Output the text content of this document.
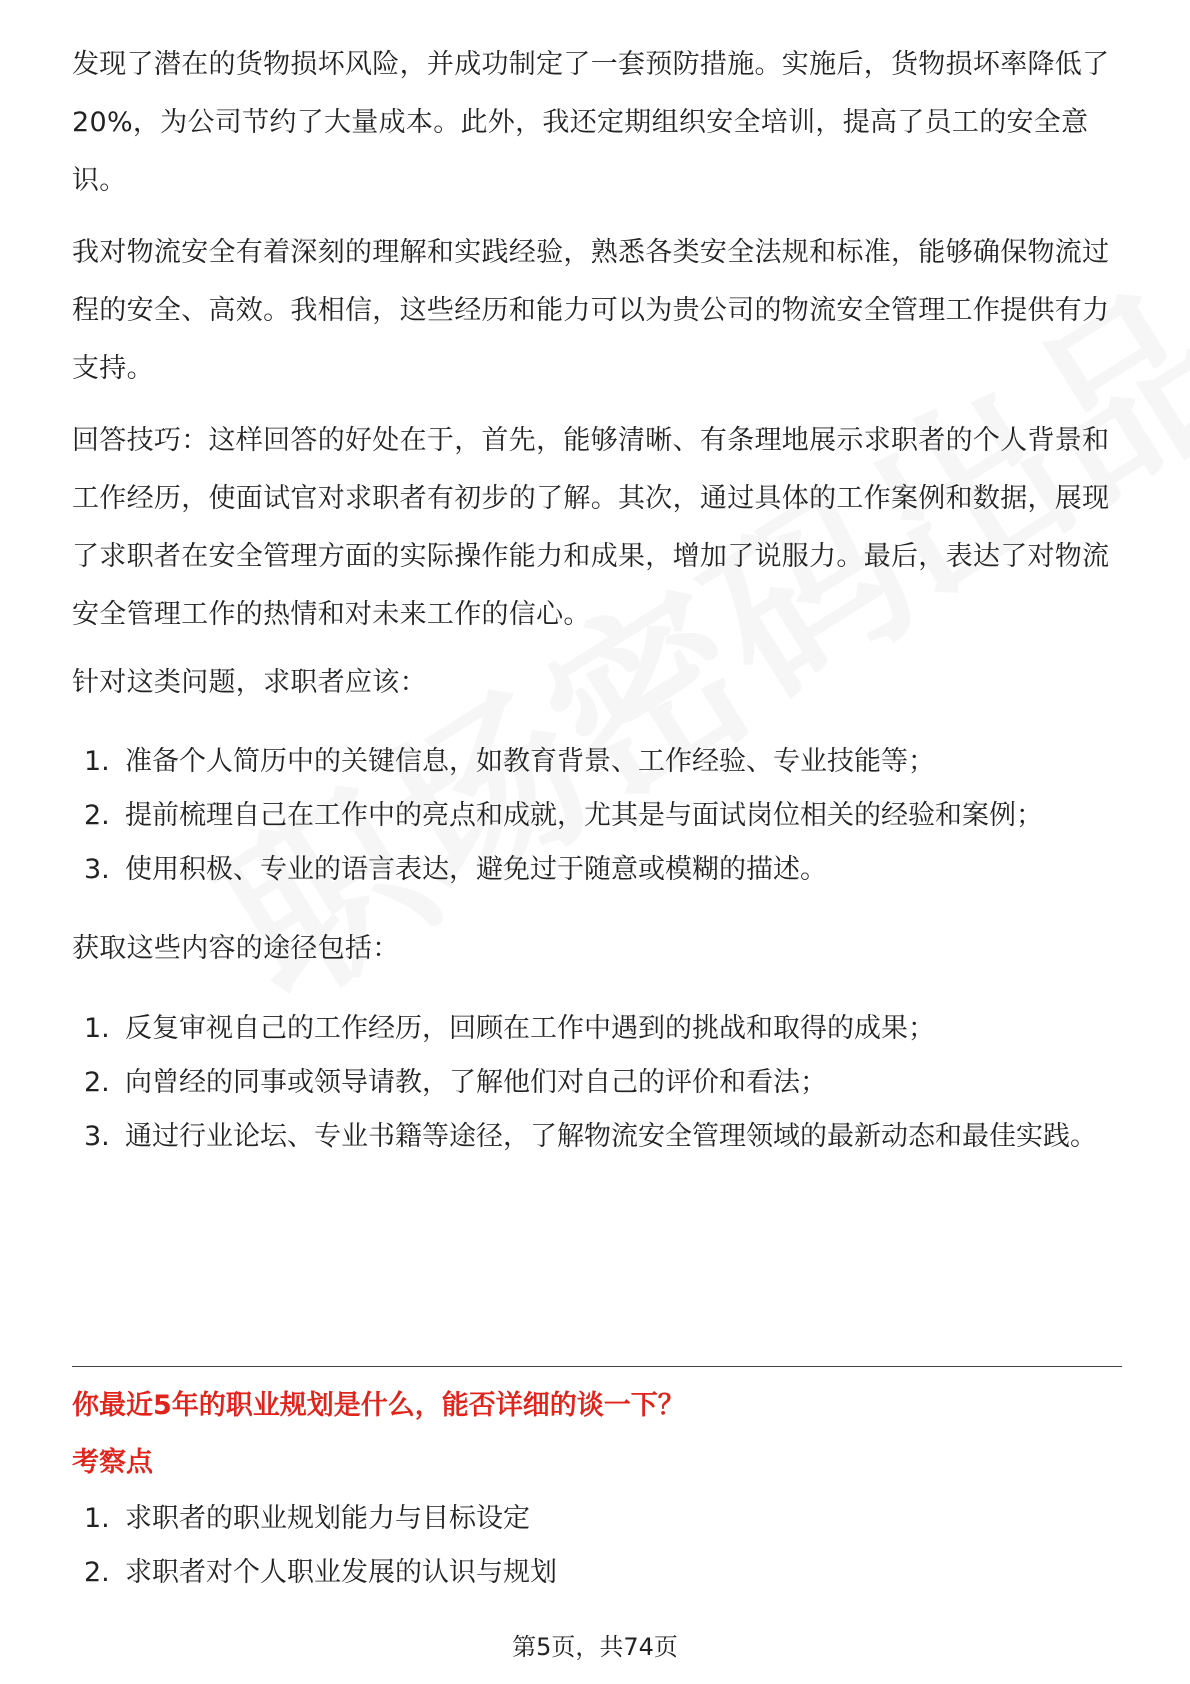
发现了潜在的货物损坏风险，并成功制定了一套预防措施。实施后，货物损坏率降低了20%，为公司节约了大量成本。此外，我还定期组织安全培训，提高了员工的安全意识。

我对物流安全有着深刻的理解和实践经验，熟悉各类安全法规和标准，能够确保物流过程的安全、高效。我相信，这些经历和能力可以为贵公司的物流安全管理工作提供有力支持。

回答技巧：这样回答的好处在于，首先，能够清晰、有条理地展示求职者的个人背景和工作经历，使面试官对求职者有初步的了解。其次，通过具体的工作案例和数据，展现了求职者在安全管理方面的实际操作能力和成果，增加了说服力。最后，表达了对物流安全管理工作的热情和对未来工作的信心。

针对这类问题，求职者应该：

1. 准备个人简历中的关键信息，如教育背景、工作经验、专业技能等；
2. 提前梳理自己在工作中的亮点和成就，尤其是与面试岗位相关的经验和案例；
3. 使用积极、专业的语言表达，避免过于随意或模糊的描述。

获取这些内容的途径包括：

1. 反复审视自己的工作经历，回顾在工作中遇到的挑战和取得的成果；
2. 向曾经的同事或领导请教，了解他们对自己的评价和看法；
3. 通过行业论坛、专业书籍等途径，了解物流安全管理领域的最新动态和最佳实践。
你最近5年的职业规划是什么，能否详细的谈一下？
考察点
1. 求职者的职业规划能力与目标设定
2. 求职者对个人职业发展的认识与规划
第5页，共74页
